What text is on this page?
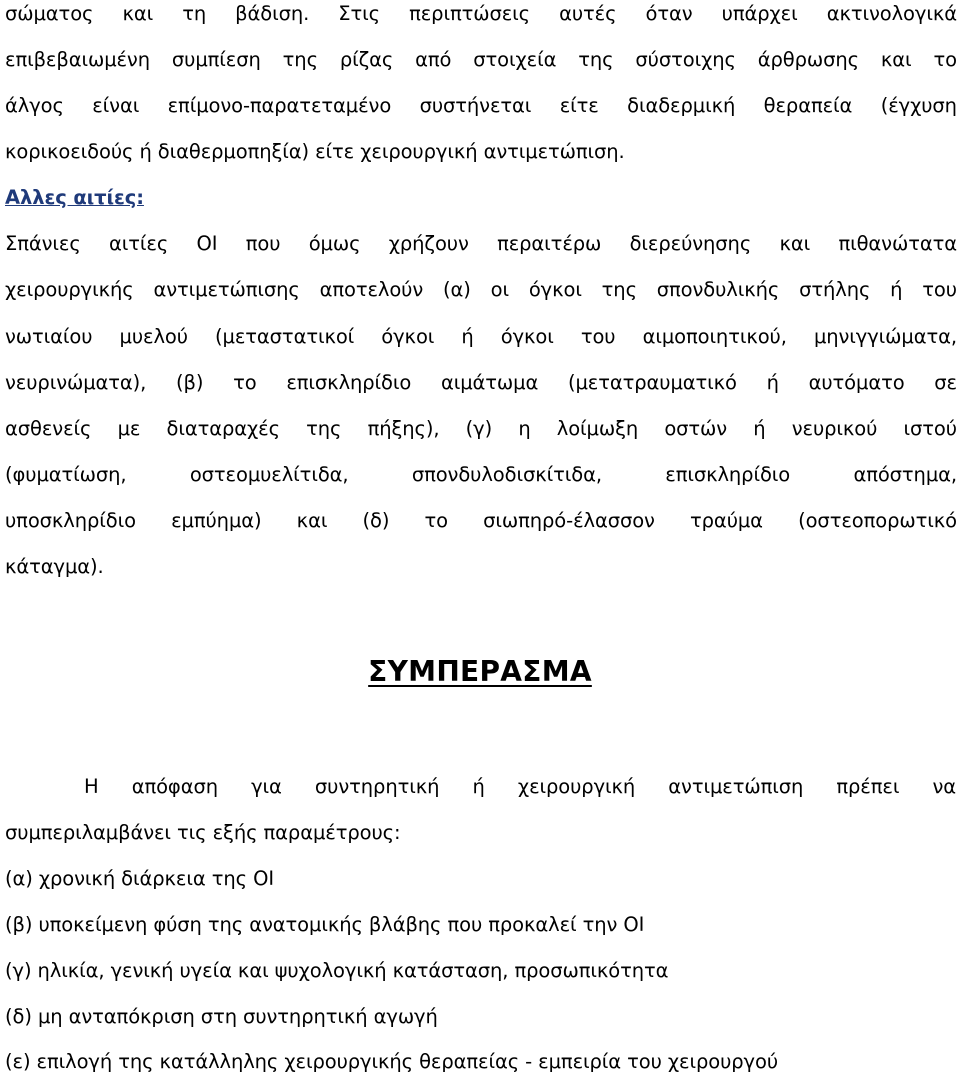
σώματος και τη βάδιση. Στις περιπτώσεις αυτές όταν υπάρχει ακτινολογικά
επιβεβαιωμένη συμπίεση της ρίζας από στοιχεία της σύστοιχης άρθρωσης και το
άλγος είναι επίμονο-παρατεταμένο συστήνεται είτε διαδερμική θεραπεία (έγχυση
κορικοειδούς ή διαθερμοπηξία) είτε χειρουργική αντιμετώπιση.
Αλλες αιτίες:
Σπάνιες αιτίες ΟΙ που όμως χρήζουν περαιτέρω διερεύνησης και πιθανώτατα
χειρουργικής αντιμετώπισης αποτελούν (α) οι όγκοι της σπονδυλικής στήλης ή του
νωτιαίου μυελού (μεταστατικοί όγκοι ή όγκοι του αιμοποιητικού, μηνιγγιώματα,
νευρινώματα), (β) το επισκληρίδιο αιμάτωμα (μετατραυματικό ή αυτόματο σε
ασθενείς με διαταραχές της πήξης), (γ) η λοίμωξη οστών ή νευρικού ιστού
(φυματίωση,	οστεομυελίτιδα,	σπονδυλοδισκίτιδα,	επισκληρίδιο	απόστημα,
υποσκληρίδιο εμπύημα) και (δ) το σιωπηρό-έλασσον τραύμα (οστεοπορωτικό
κάταγμα).
ΣΥΜΠΕΡΑΣΜΑ
Η απόφαση για συντηρητική ή χειρουργική αντιμετώπιση πρέπει να
συμπεριλαμβάνει τις εξής παραμέτρους:
(α) χρονική διάρκεια της ΟΙ
(β) υποκείμενη φύση της ανατομικής βλάβης που προκαλεί την ΟΙ
(γ) ηλικία, γενική υγεία και ψυχολογική κατάσταση, προσωπικότητα
(δ) μη ανταπόκριση στη συντηρητική αγωγή
(ε) επιλογή της κατάλληλης χειρουργικής θεραπείας - εμπειρία του χειρουργού
